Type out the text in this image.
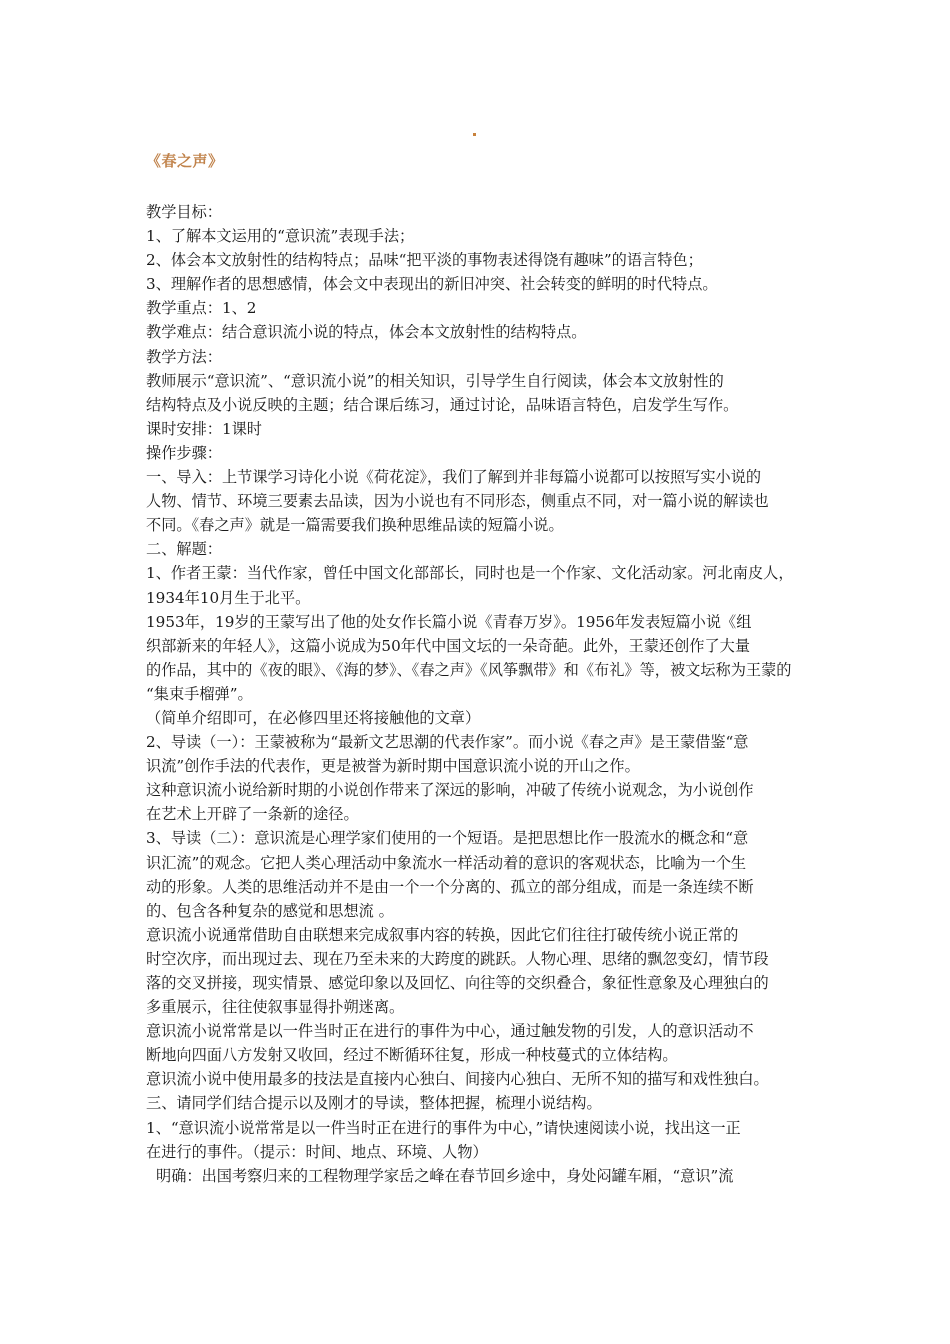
《春之声》
教学目标：
1、了解本文运用的“意识流”表现手法；
2、体会本文放射性的结构特点；品味“把平淡的事物表述得饶有趣味”的语言特色；
3、理解作者的思想感情，体会文中表现出的新旧冲突、社会转变的鲜明的时代特点。
教学重点：1、2
教学难点：结合意识流小说的特点，体会本文放射性的结构特点。
教学方法：
教师展示“意识流”、“意识流小说”的相关知识，引导学生自行阅读，体会本文放射性的
结构特点及小说反映的主题；结合课后练习，通过讨论，品味语言特色，启发学生写作。
课时安排：1课时
操作步骤：
一、导入：上节课学习诗化小说《荷花淀》，我们了解到并非每篇小说都可以按照写实小说的
人物、情节、环境三要素去品读，因为小说也有不同形态，侧重点不同，对一篇小说的解读也
不同。《春之声》就是一篇需要我们换种思维品读的短篇小说。
二、解题：
1、作者王蒙：当代作家，曾任中国文化部部长，同时也是一个作家、文化活动家。河北南皮人，
1934年10月生于北平。
1953年，19岁的王蒙写出了他的处女作长篇小说《青春万岁》。1956年发表短篇小说《组
织部新来的年轻人》，这篇小说成为50年代中国文坛的一朵奇葩。此外，王蒙还创作了大量
的作品，其中的《夜的眼》、《海的梦》、《春之声》《风筝飘带》和《布礼》等，被文坛称为王蒙的
“集束手榴弹”。
（简单介绍即可，在必修四里还将接触他的文章）
2、导读（一）：王蒙被称为“最新文艺思潮的代表作家”。而小说《春之声》是王蒙借鉴“意
识流”创作手法的代表作，更是被誉为新时期中国意识流小说的开山之作。
这种意识流小说给新时期的小说创作带来了深远的影响，冲破了传统小说观念，为小说创作
在艺术上开辟了一条新的途径。
3、导读（二）：意识流是心理学家们使用的一个短语。是把思想比作一股流水的概念和“意
识汇流”的观念。它把人类心理活动中象流水一样活动着的意识的客观状态，比喻为一个生
动的形象。人类的思维活动并不是由一个一个分离的、孤立的部分组成，而是一条连续不断
的、包含各种复杂的感觉和思想流 。
意识流小说通常借助自由联想来完成叙事内容的转换，因此它们往往打破传统小说正常的
时空次序，而出现过去、现在乃至未来的大跨度的跳跃。人物心理、思绪的飘忽变幻，情节段
落的交叉拼接，现实情景、感觉印象以及回忆、向往等的交织叠合，象征性意象及心理独白的
多重展示，往往使叙事显得扑朔迷离。
意识流小说常常是以一件当时正在进行的事件为中心，通过触发物的引发，人的意识活动不
断地向四面八方发射又收回，经过不断循环往复，形成一种枝蔓式的立体结构。
意识流小说中使用最多的技法是直接内心独白、间接内心独白、无所不知的描写和戏性独白。
三、请同学们结合提示以及刚才的导读，整体把握，梳理小说结构。
1、“意识流小说常常是以一件当时正在进行的事件为中心，”请快速阅读小说，找出这一正
在进行的事件。（提示：时间、地点、环境、人物）
明确：出国考察归来的工程物理学家岳之峰在春节回乡途中，身处闷罐车厢，“意识”流
